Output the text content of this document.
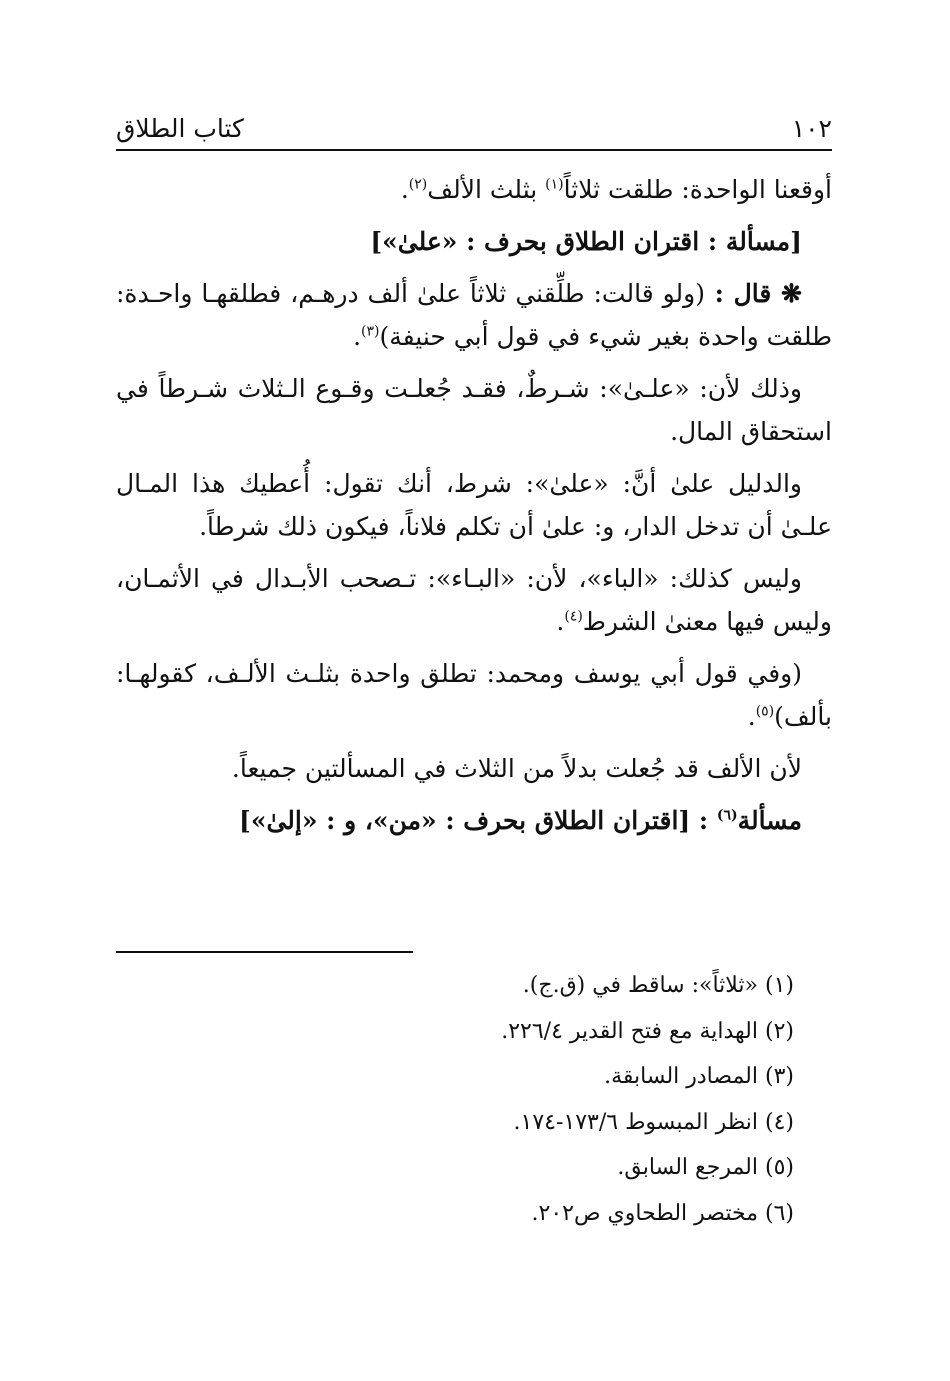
١٠٢
كتاب الطلاق

أوقعنا الواحدة: طلقت ثلاثاً$^{(١)}$ بثلث الألف$^{(٢)}$.

[مسألة : اقتران الطلاق بحرف : «علىٰ»]

❋ قال : (ولو قالت: طلِّقني ثلاثاً علىٰ ألف درهـم، فطلقهـا واحـدة: طلقت واحدة بغير شيء في قول أبي حنيفة)$^{(٣)}$.

وذلك لأن: «علـىٰ»: شـرطٌ، فقـد جُعلـت وقـوع الـثلاث شـرطاً في استحقاق المال.

والدليل علىٰ أنَّ: «علىٰ»: شرط، أنك تقول: أُعطيك هذا المـال علـىٰ أن تدخل الدار، و: علىٰ أن تكلم فلاناً، فيكون ذلك شرطاً.

وليس كذلك: «الباء»، لأن: «البـاء»: تـصحب الأبـدال في الأثمـان، وليس فيها معنىٰ الشرط$^{(٤)}$.

(وفي قول أبي يوسف ومحمد: تطلق واحدة بثلـث الألـف، كقولهـا: بألف)$^{(٥)}$.

لأن الألف قد جُعلت بدلاً من الثلاث في المسألتين جميعاً.

مسألة$^{(٦)}$ : [اقتران الطلاق بحرف : «من»، و : «إلىٰ»]

(١) «ثلاثاً»: ساقط في (ق.ج).

(٢) الهداية مع فتح القدير ٢٢٦/٤.

(٣) المصادر السابقة.

(٤) انظر المبسوط ١٧٣/٦-١٧٤.

(٥) المرجع السابق.

(٦) مختصر الطحاوي ص٢٠٢.
